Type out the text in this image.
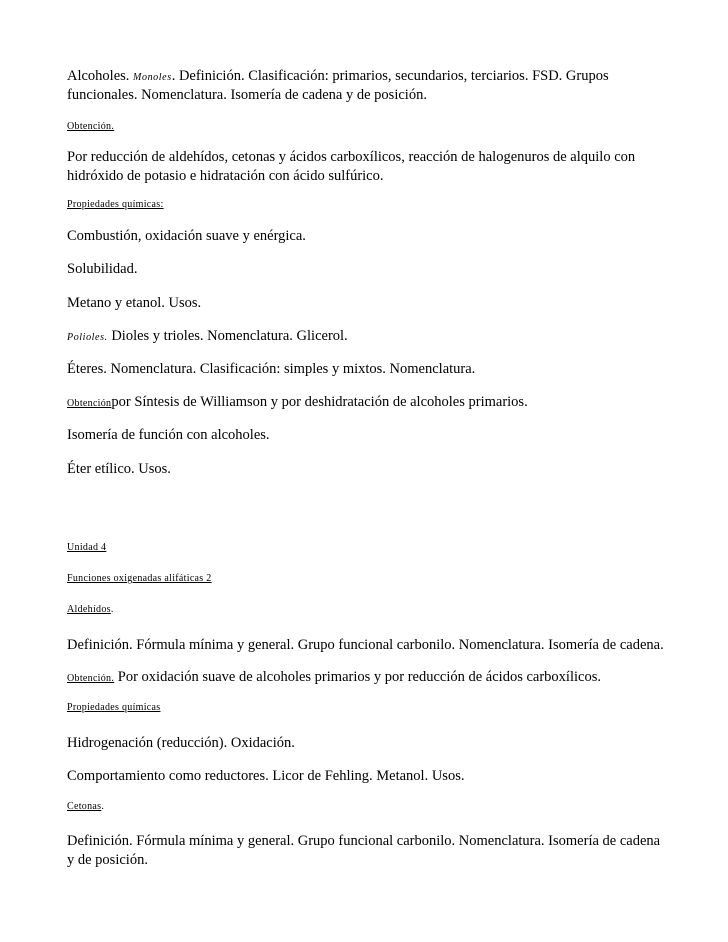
Alcoholes. Monoles. Definición. Clasificación: primarios, secundarios, terciarios. FSD. Grupos funcionales. Nomenclatura. Isomería de cadena y de posición.

Obtención.

Por reducción de aldehídos, cetonas y ácidos carboxílicos, reacción de halogenuros de alquilo con hidróxido de potasio e hidratación con ácido sulfúrico.

Propiedades químicas:

Combustión, oxidación suave y enérgica.

Solubilidad.

Metano y etanol. Usos.

Polioles. Dioles y trioles. Nomenclatura. Glicerol.

Éteres. Nomenclatura. Clasificación: simples y mixtos. Nomenclatura.

Obtenciónpor Síntesis de Williamson y por deshidratación de alcoholes primarios.

Isomería de función con alcoholes.

Éter etílico. Usos.

Unidad 4

Funciones oxigenadas alifáticas 2

Aldehídos.

Definición. Fórmula mínima y general. Grupo funcional carbonilo. Nomenclatura. Isomería de cadena.

Obtención. Por oxidación suave de alcoholes primarios y por reducción de ácidos carboxílicos.

Propiedades químicas

Hidrogenación (reducción). Oxidación.

Comportamiento como reductores. Licor de Fehling. Metanol. Usos.

Cetonas.

Definición. Fórmula mínima y general. Grupo funcional carbonilo. Nomenclatura. Isomería de cadena y de posición.
